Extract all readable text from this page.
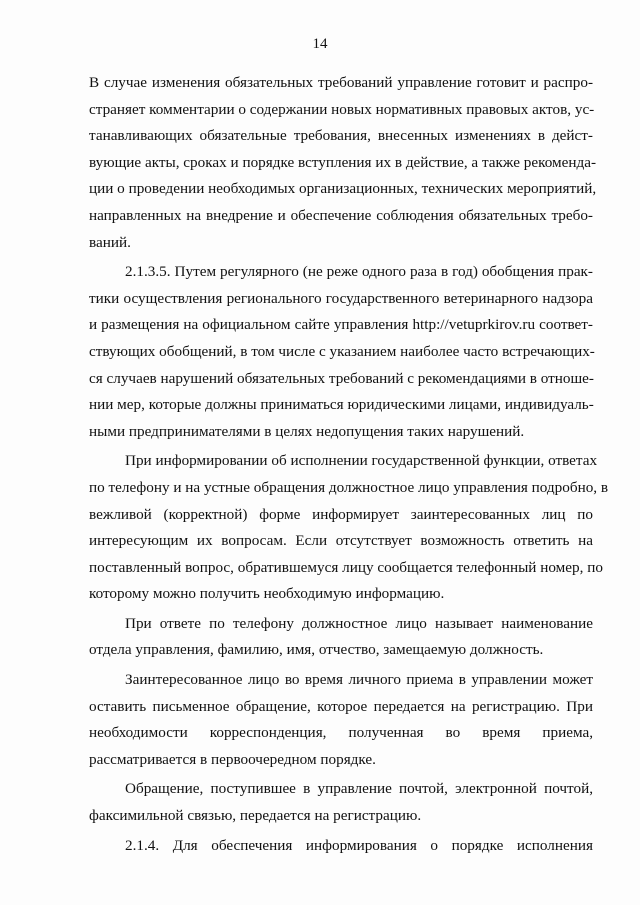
14
В случае изменения обязательных требований управление готовит и распро-
страняет комментарии о содержании новых нормативных правовых актов, ус-
танавливающих обязательные требования, внесенных изменениях в дейст-
вующие акты, сроках и порядке вступления их в действие, а также рекоменда-
ции о проведении необходимых организационных, технических мероприятий,
направленных на внедрение и обеспечение соблюдения обязательных требо-
ваний.
2.1.3.5. Путем регулярного (не реже одного раза в год) обобщения прак-
тики осуществления регионального государственного ветеринарного надзора
и размещения на официальном сайте управления http://vetuprkirov.ru соответ-
ствующих обобщений, в том числе с указанием наиболее часто встречающих-
ся случаев нарушений обязательных требований с рекомендациями в отноше-
нии мер, которые должны приниматься юридическими лицами, индивидуаль-
ными предпринимателями в целях недопущения таких нарушений.
При информировании об исполнении государственной функции, ответах
по телефону и на устные обращения должностное лицо управления подробно, в
вежливой (корректной) форме информирует заинтересованных лиц по
интересующим их вопросам. Если отсутствует возможность ответить на
поставленный вопрос, обратившемуся лицу сообщается телефонный номер, по
которому можно получить необходимую информацию.
При ответе по телефону должностное лицо называет наименование
отдела управления, фамилию, имя, отчество, замещаемую должность.
Заинтересованное лицо во время личного приема в управлении может
оставить письменное обращение, которое передается на регистрацию. При
необходимости корреспонденция, полученная во время приема,
рассматривается в первоочередном порядке.
Обращение, поступившее в управление почтой, электронной почтой,
факсимильной связью, передается на регистрацию.
2.1.4. Для обеспечения информирования о порядке исполнения
